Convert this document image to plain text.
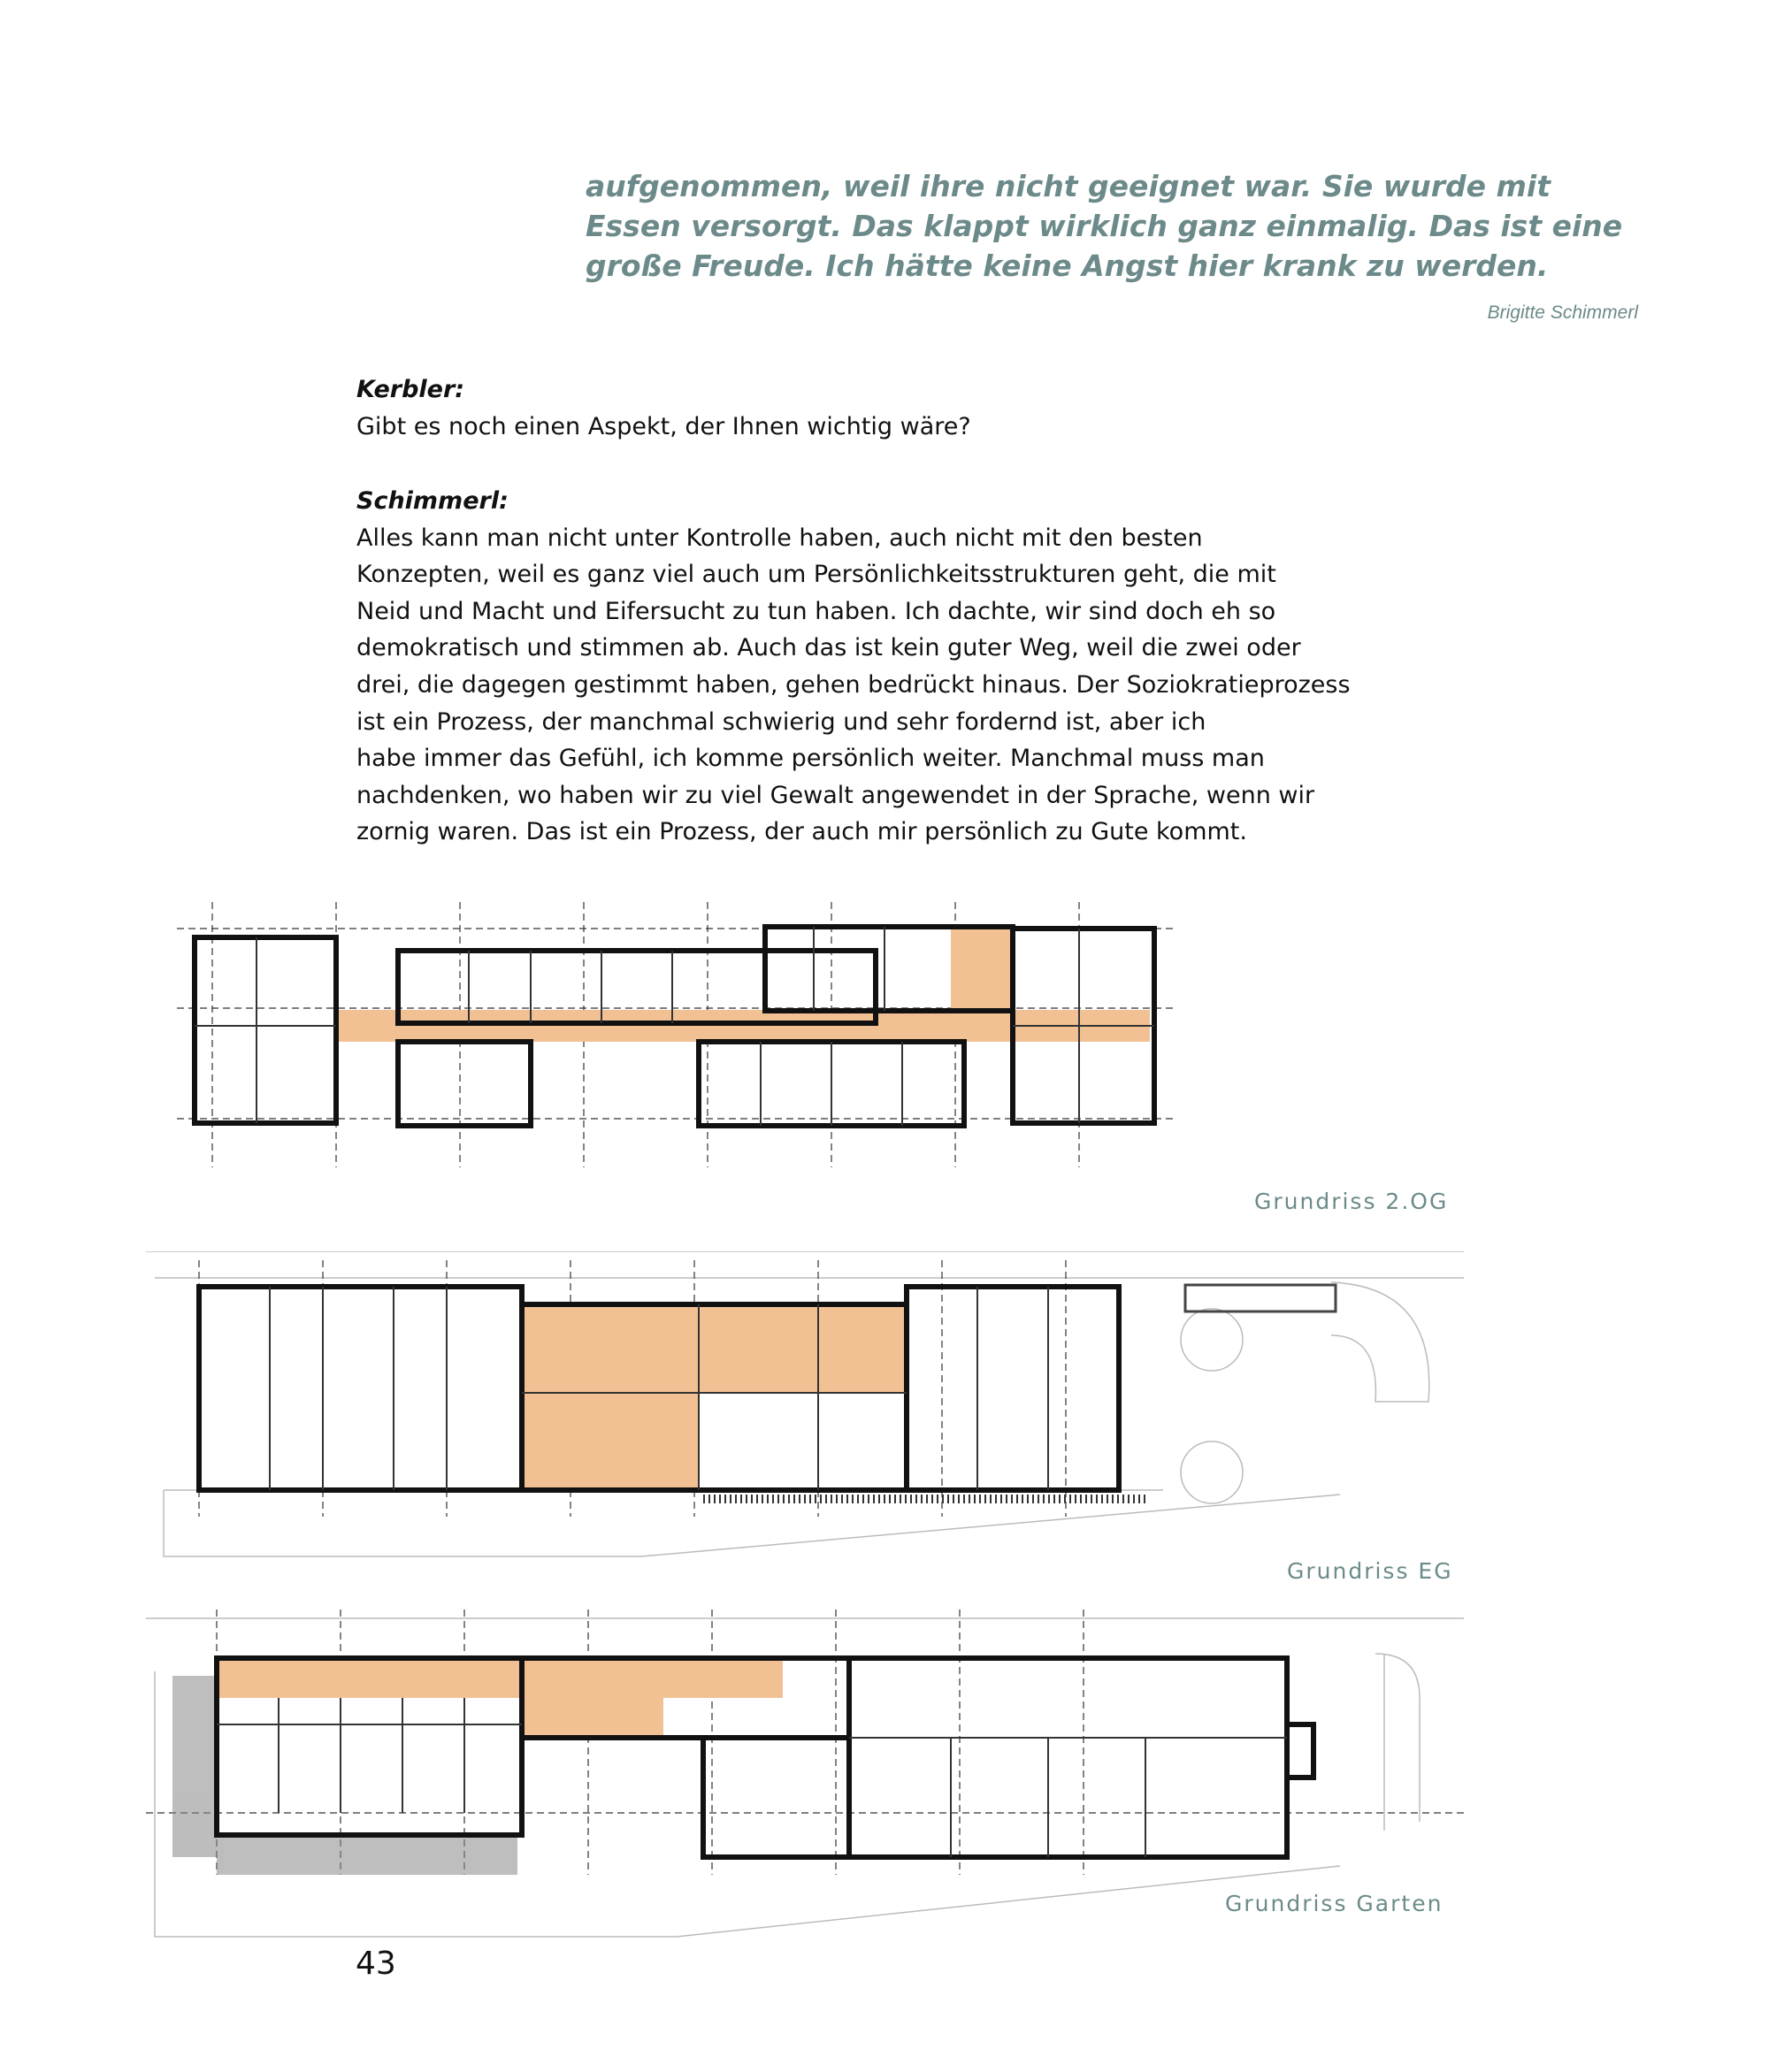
aufgenommen, weil ihre nicht geeignet war. Sie wurde mit
Essen versorgt. Das klappt wirklich ganz einmalig. Das ist eine
große Freude. Ich hätte keine Angst hier krank zu werden.
Brigitte Schimmerl

Kerbler:

Gibt es noch einen Aspekt, der Ihnen wichtig wäre?

Schimmerl:

Alles kann man nicht unter Kontrolle haben, auch nicht mit den besten
Konzepten, weil es ganz viel auch um Persönlichkeitsstrukturen geht, die mit
Neid und Macht und Eifersucht zu tun haben. Ich dachte, wir sind doch eh so
demokratisch und stimmen ab. Auch das ist kein guter Weg, weil die zwei oder
drei, die dagegen gestimmt haben, gehen bedrückt hinaus. Der Soziokratieprozess
ist ein Prozess, der manchmal schwierig und sehr fordernd ist, aber ich
habe immer das Gefühl, ich komme persönlich weiter. Manchmal muss man
nachdenken, wo haben wir zu viel Gewalt angewendet in der Sprache, wenn wir
zornig waren. Das ist ein Prozess, der auch mir persönlich zu Gute kommt.

Grundriss 2.OG
Grundriss EG
Grundriss Garten
43
